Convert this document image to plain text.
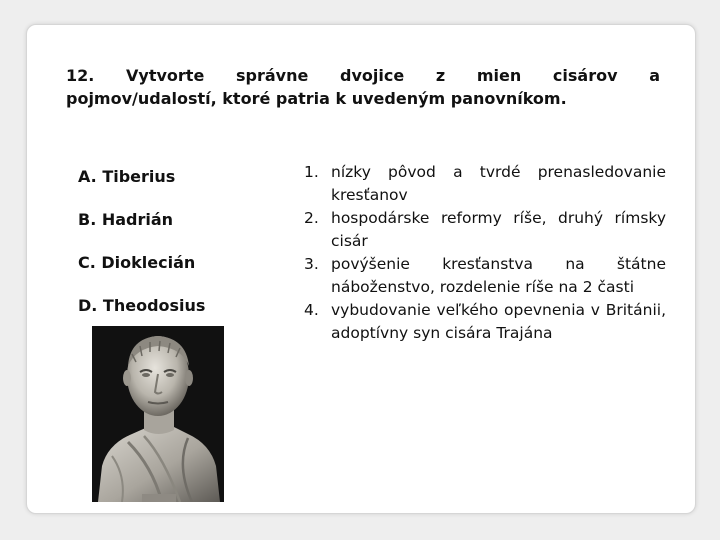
12. Vytvorte správne dvojice z mien cisárov a
pojmov/udalostí, ktoré patria k uvedeným panovníkom.

A. Tiberius
B. Hadrián
C. Dioklecián
D. Theodosius
1. nízky pôvod a tvrdé prenasledovanie kresťanov
2. hospodárske reformy ríše, druhý rímsky cisár
3. povýšenie kresťanstva na štátne náboženstvo, rozdelenie ríše na 2 časti
4. vybudovanie veľkého opevnenia v Británii, adoptívny syn cisára Trajána
